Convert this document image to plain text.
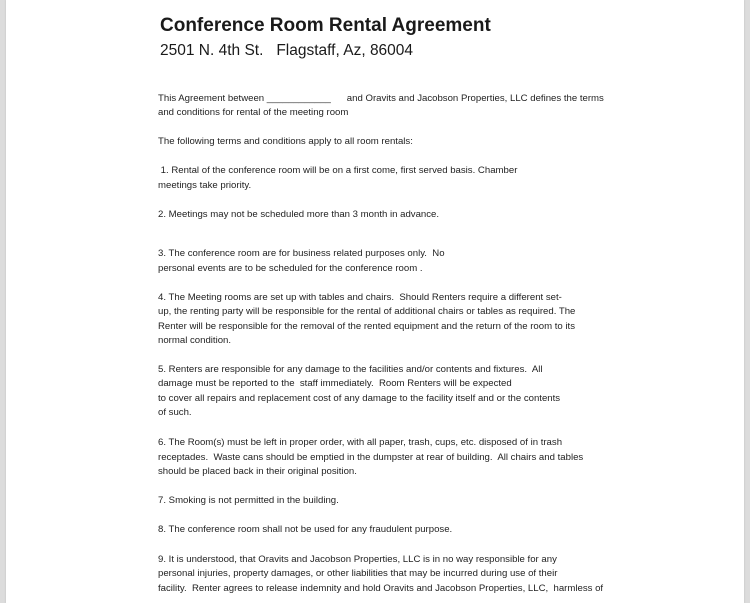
Conference Room Rental Agreement
2501 N. 4th St.   Flagstaff, Az, 86004
This Agreement between ____________      and Oravits and Jacobson Properties, LLC defines the terms
and conditions for rental of the meeting room
The following terms and conditions apply to all room rentals:
1. Rental of the conference room will be on a first come, first served basis. Chamber
meetings take priority.
2. Meetings may not be scheduled more than 3 month in advance.
3. The conference room are for business related purposes only.  No
personal events are to be scheduled for the conference room .
4. The Meeting rooms are set up with tables and chairs.  Should Renters require a different set-
up, the renting party will be responsible for the rental of additional chairs or tables as required. The
Renter will be responsible for the removal of the rented equipment and the return of the room to its
normal condition.
5. Renters are responsible for any damage to the facilities and/or contents and fixtures.  All
damage must be reported to the  staff immediately.  Room Renters will be expected
to cover all repairs and replacement cost of any damage to the facility itself and or the contents
of such.
6. The Room(s) must be left in proper order, with all paper, trash, cups, etc. disposed of in trash
receptades.  Waste cans should be emptied in the dumpster at rear of building.  All chairs and tables
should be placed back in their original position.
7. Smoking is not permitted in the building.
8. The conference room shall not be used for any fraudulent purpose.
9. It is understood, that Oravits and Jacobson Properties, LLC is in no way responsible for any
personal injuries, property damages, or other liabilities that may be incurred during use of their
facility.  Renter agrees to release indemnity and hold Oravits and Jacobson Properties, LLC,  harmless of
